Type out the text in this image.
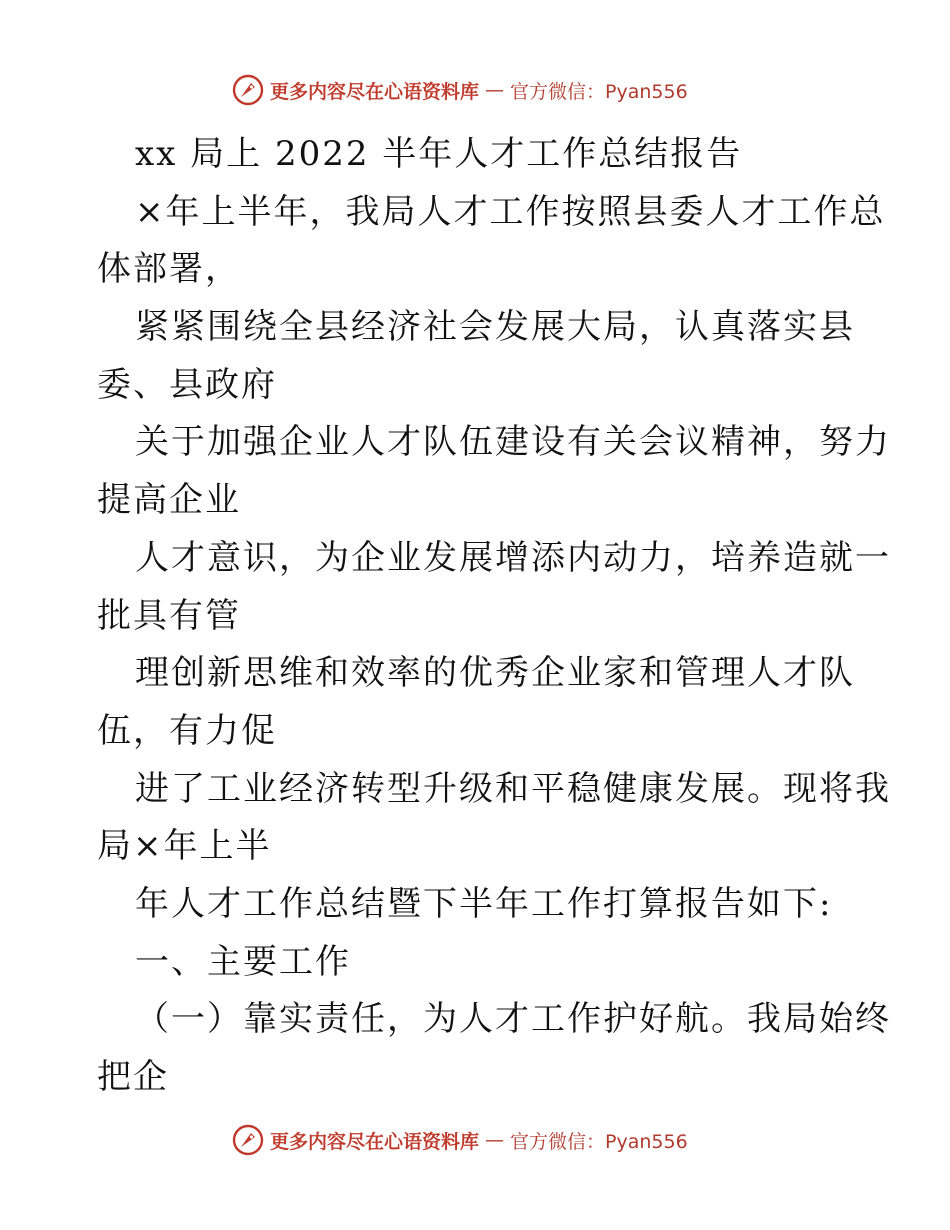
更多内容尽在心语资料库 — 官方微信：Pyan556
xx 局上 2022 半年人才工作总结报告
×年上半年，我局人才工作按照县委人才工作总
体部署，
紧紧围绕全县经济社会发展大局，认真落实县
委、县政府
关于加强企业人才队伍建设有关会议精神，努力
提高企业
人才意识，为企业发展增添内动力，培养造就一
批具有管
理创新思维和效率的优秀企业家和管理人才队
伍，有力促
进了工业经济转型升级和平稳健康发展。现将我
局×年上半
年人才工作总结暨下半年工作打算报告如下:
一、主要工作
（一）靠实责任，为人才工作护好航。我局始终
把企
更多内容尽在心语资料库 — 官方微信：Pyan556
